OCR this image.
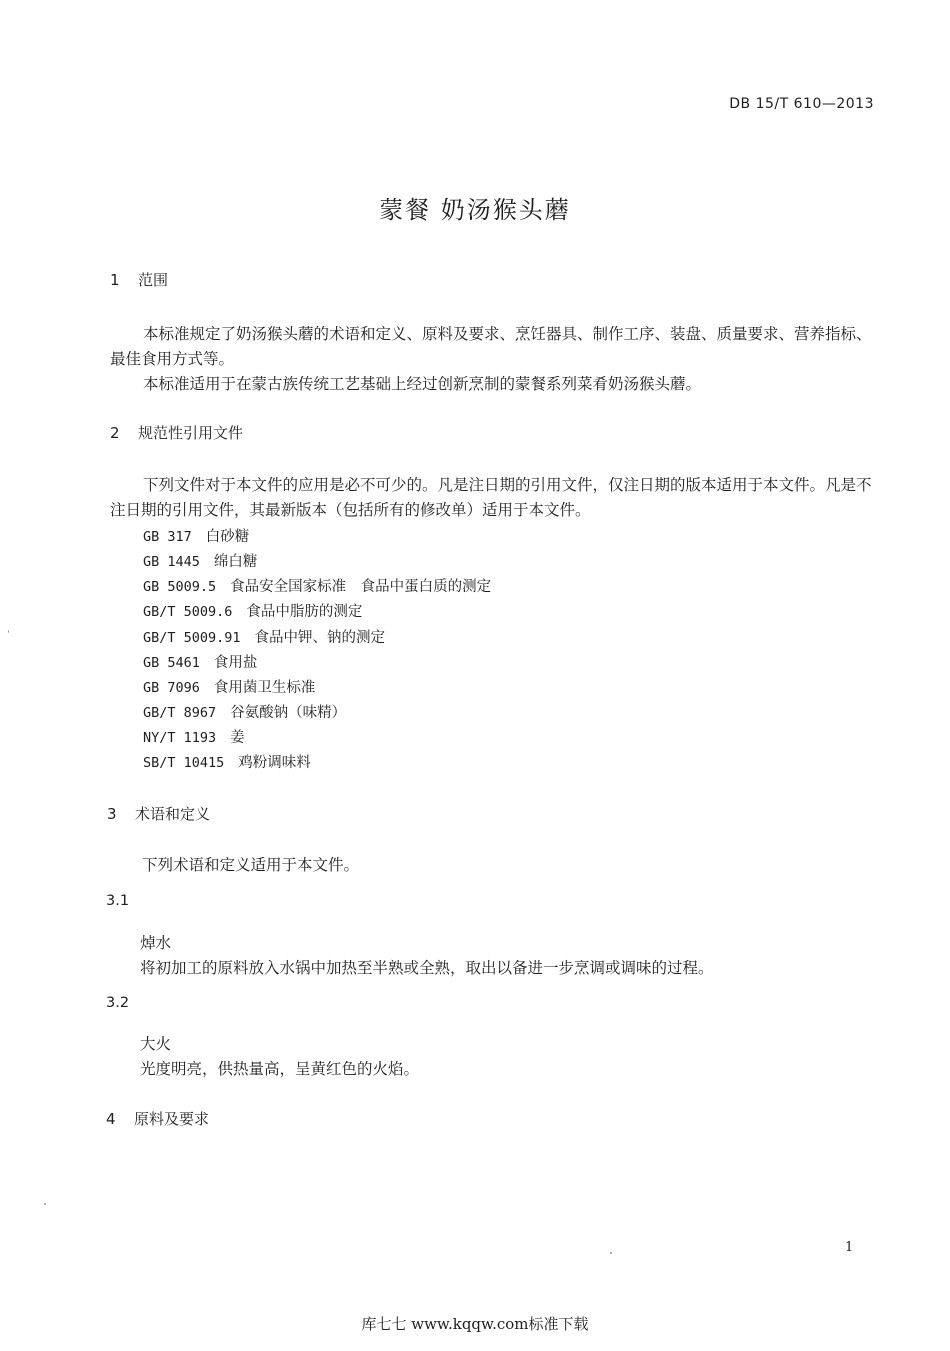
DB 15/T 610—2013
蒙餐 奶汤猴头蘑
1 范围
本标准规定了奶汤猴头蘑的术语和定义、原料及要求、烹饪器具、制作工序、装盘、质量要求、营养指标、最佳食用方式等。
本标准适用于在蒙古族传统工艺基础上经过创新烹制的蒙餐系列菜肴奶汤猴头蘑。
2 规范性引用文件
下列文件对于本文件的应用是必不可少的。凡是注日期的引用文件，仅注日期的版本适用于本文件。凡是不注日期的引用文件，其最新版本（包括所有的修改单）适用于本文件。
GB 317 白砂糖
GB 1445 绵白糖
GB 5009.5 食品安全国家标准　食品中蛋白质的测定
GB/T 5009.6 食品中脂肪的测定
GB/T 5009.91 食品中钾、钠的测定
GB 5461 食用盐
GB 7096 食用菌卫生标准
GB/T 8967 谷氨酸钠（味精）
NY/T 1193 姜
SB/T 10415 鸡粉调味料
3 术语和定义
下列术语和定义适用于本文件。
3.1
焯水
将初加工的原料放入水锅中加热至半熟或全熟，取出以备进一步烹调或调味的过程。
3.2
大火
光度明亮，供热量高，呈黄红色的火焰。
4 原料及要求
1
库七七 www.kqqw.com标准下载
